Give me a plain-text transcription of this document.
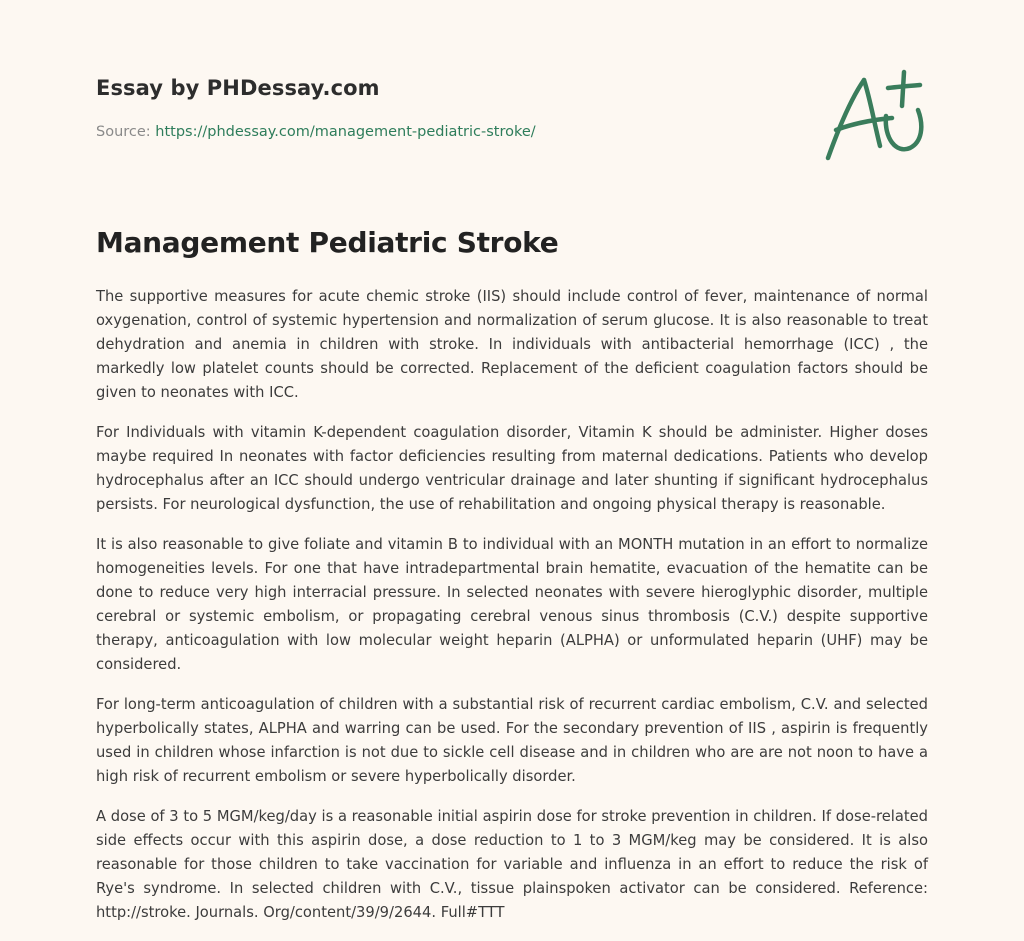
Essay by PHDessay.com
Source: https://phdessay.com/management-pediatric-stroke/
Management Pediatric Stroke

The supportive measures for acute chemic stroke (IIS) should include control of fever, maintenance of normal oxygenation, control of systemic hypertension and normalization of serum glucose. It is also reasonable to treat dehydration and anemia in children with stroke. In individuals with antibacterial hemorrhage (ICC) , the markedly low platelet counts should be corrected. Replacement of the deficient coagulation factors should be given to neonates with ICC.

For Individuals with vitamin K-dependent coagulation disorder, Vitamin K should be administer. Higher doses maybe required In neonates with factor deficiencies resulting from maternal dedications. Patients who develop hydrocephalus after an ICC should undergo ventricular drainage and later shunting if significant hydrocephalus persists. For neurological dysfunction, the use of rehabilitation and ongoing physical therapy is reasonable.

It is also reasonable to give foliate and vitamin B to individual with an MONTH mutation in an effort to normalize homogeneities levels. For one that have intradepartmental brain hematite, evacuation of the hematite can be done to reduce very high interracial pressure. In selected neonates with severe hieroglyphic disorder, multiple cerebral or systemic embolism, or propagating cerebral venous sinus thrombosis (C.V.) despite supportive therapy, anticoagulation with low molecular weight heparin (ALPHA) or unformulated heparin (UHF) may be considered.

For long-term anticoagulation of children with a substantial risk of recurrent cardiac embolism, C.V. and selected hyperbolically states, ALPHA and warring can be used. For the secondary prevention of IIS , aspirin is frequently used in children whose infarction is not due to sickle cell disease and in children who are are not noon to have a high risk of recurrent embolism or severe hyperbolically disorder.

A dose of 3 to 5 MGM/keg/day is a reasonable initial aspirin dose for stroke prevention in children. If dose-related side effects occur with this aspirin dose, a dose reduction to 1 to 3 MGM/keg may be considered. It is also reasonable for those children to take vaccination for variable and influenza in an effort to reduce the risk of Rye's syndrome. In selected children with C.V., tissue plainspoken activator can be considered. Reference: http://stroke. Journals. Org/content/39/9/2644. Full#TTT
